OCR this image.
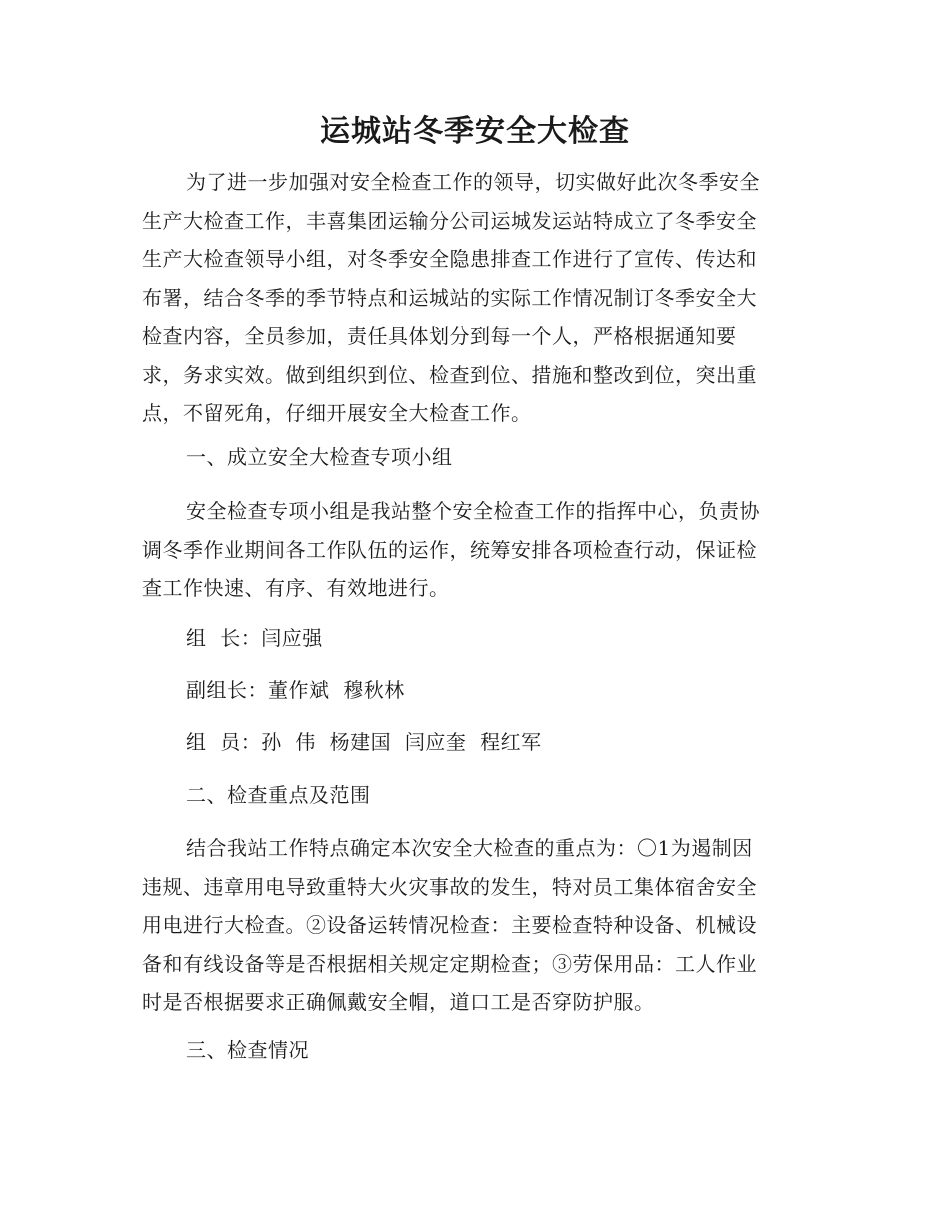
运城站冬季安全大检查
为了进一步加强对安全检查工作的领导，切实做好此次冬季安全
生产大检查工作，丰喜集团运输分公司运城发运站特成立了冬季安全
生产大检查领导小组，对冬季安全隐患排查工作进行了宣传、传达和
布署，结合冬季的季节特点和运城站的实际工作情况制订冬季安全大
检查内容，全员参加，责任具体划分到每一个人，严格根据通知要
求，务求实效。做到组织到位、检查到位、措施和整改到位，突出重
点，不留死角，仔细开展安全大检查工作。
一、成立安全大检查专项小组
安全检查专项小组是我站整个安全检查工作的指挥中心，负责协
调冬季作业期间各工作队伍的运作，统筹安排各项检查行动，保证检
查工作快速、有序、有效地进行。
组  长：闫应强
副组长：董作斌  穆秋林
组  员：孙  伟  杨建国  闫应奎  程红军
二、检查重点及范围
结合我站工作特点确定本次安全大检查的重点为：〇1为遏制因
违规、违章用电导致重特大火灾事故的发生，特对员工集体宿舍安全
用电进行大检查。②设备运转情况检查：主要检查特种设备、机械设
备和有线设备等是否根据相关规定定期检查；③劳保用品：工人作业
时是否根据要求正确佩戴安全帽，道口工是否穿防护服。
三、检查情况
